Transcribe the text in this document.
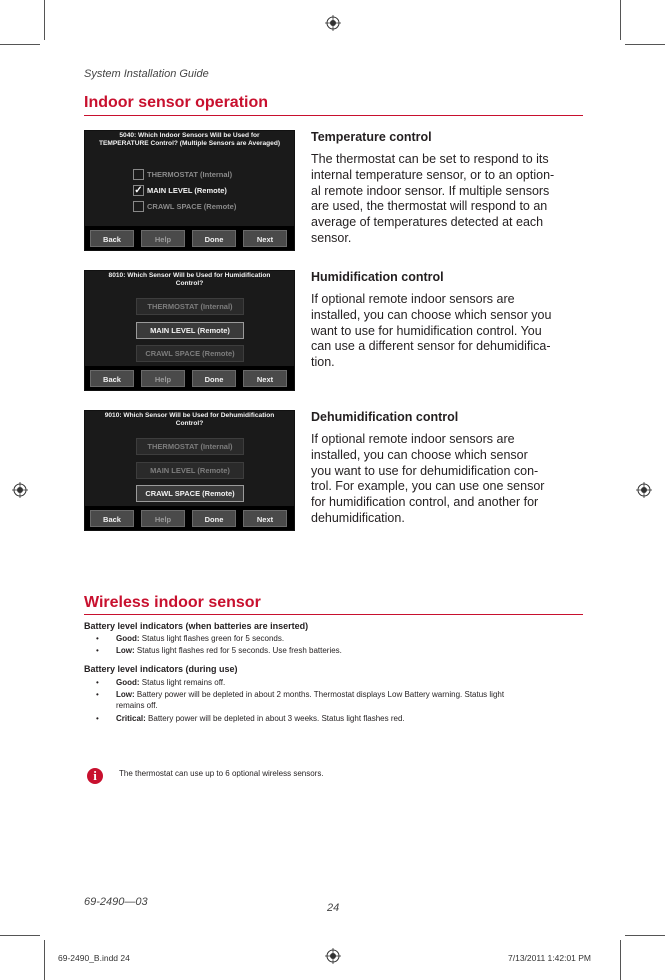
System Installation Guide
Indoor sensor operation
5040: Which Indoor Sensors Will be Used for
TEMPERATURE Control? (Multiple Sensors are Averaged)
THERMOSTAT (Internal)
✓ MAIN LEVEL (Remote)
CRAWL SPACE (Remote)
Back	Help	Done	Next
Temperature control
The thermostat can be set to respond to its
internal temperature sensor, or to an option-
al remote indoor sensor. If multiple sensors
are used, the thermostat will respond to an
average of temperatures detected at each
sensor.
8010: Which Sensor Will be Used for Humidification
Control?
THERMOSTAT (Internal)
MAIN LEVEL (Remote)
CRAWL SPACE (Remote)
Back	Help	Done	Next
Humidification control
If optional remote indoor sensors are
installed, you can choose which sensor you
want to use for humidification control. You
can use a different sensor for dehumidifica-
tion.
9010: Which Sensor Will be Used for Dehumidification
Control?
THERMOSTAT (Internal)
MAIN LEVEL (Remote)
CRAWL SPACE (Remote)
Back	Help	Done	Next
Dehumidification control
If optional remote indoor sensors are
installed, you can choose which sensor
you want to use for dehumidification con-
trol. For example, you can use one sensor
for humidification control, and another for
dehumidification.
Wireless indoor sensor
Battery level indicators (when batteries are inserted)
• Good: Status light flashes green for 5 seconds.
• Low: Status light flashes red for 5 seconds. Use fresh batteries.
Battery level indicators (during use)
• Good: Status light remains off.
• Low: Battery power will be depleted in about 2 months. Thermostat displays Low Battery warning. Status light
remains off.
• Critical: Battery power will be depleted in about 3 weeks. Status light flashes red.
i	The thermostat can use up to 6 optional wireless sensors.
69-2490—03	24
69-2490_B.indd 24	7/13/2011 1:42:01 PM
